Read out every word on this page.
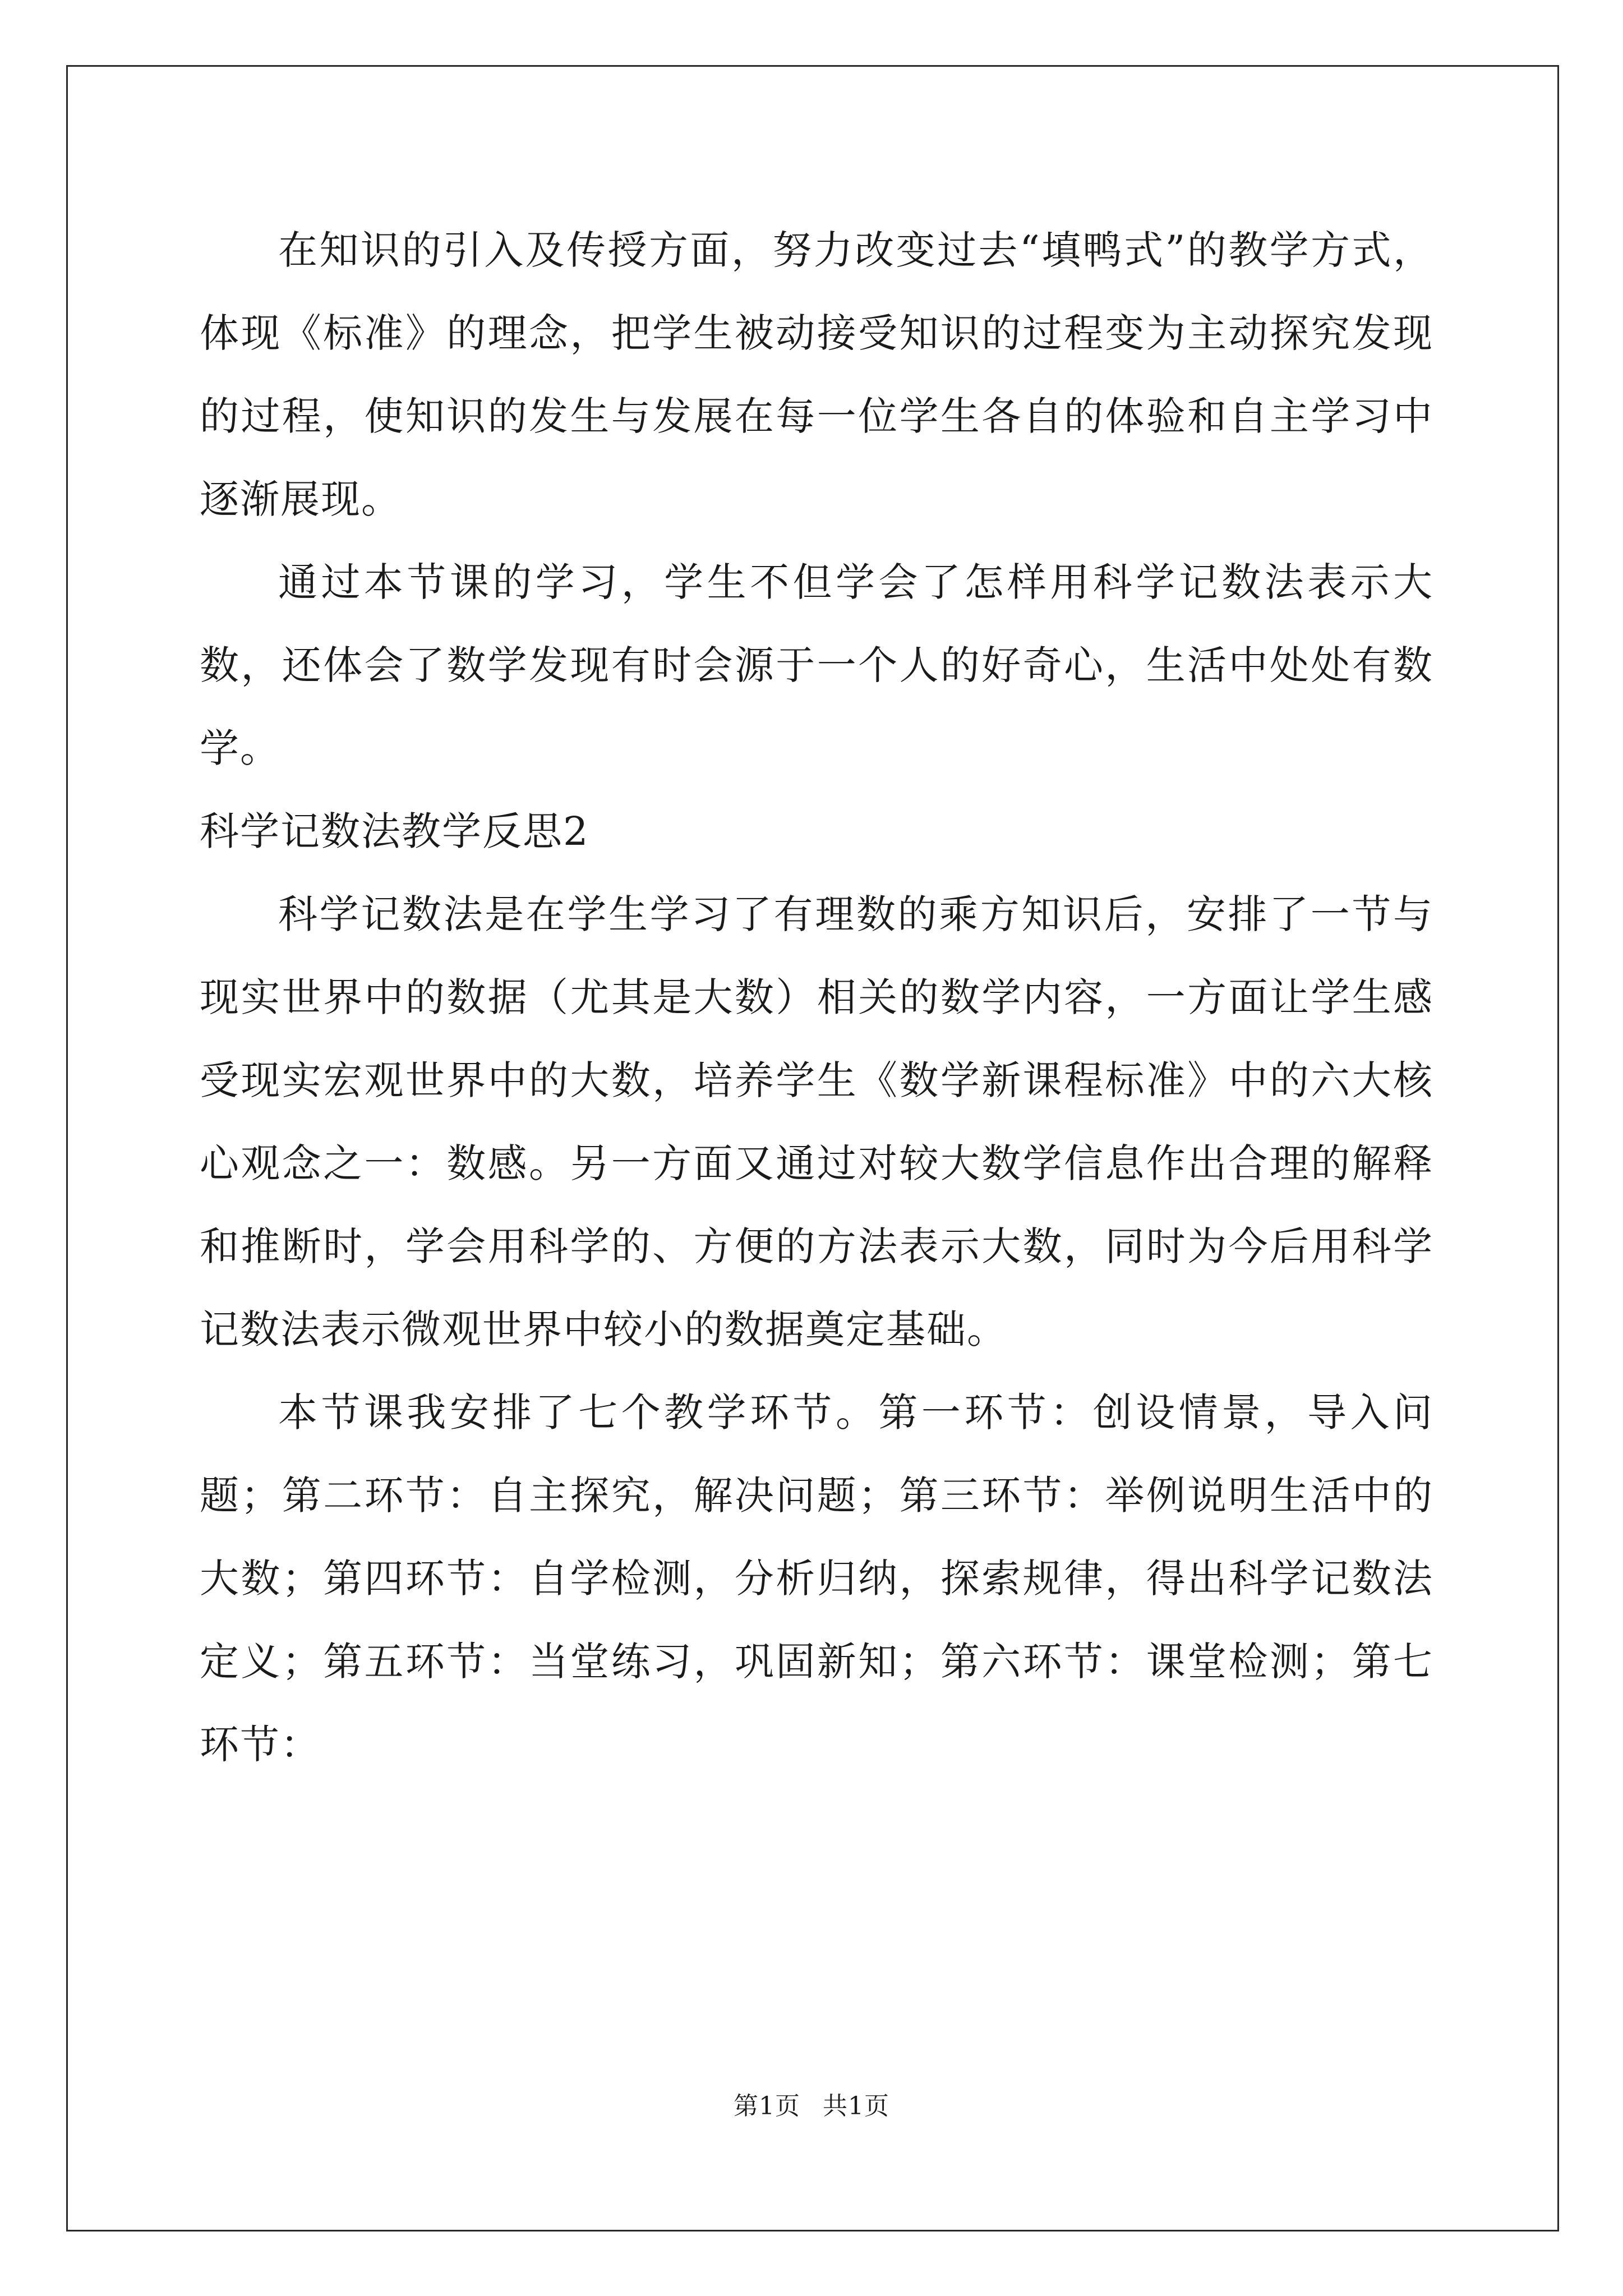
在知识的引入及传授方面，努力改变过去“填鸭式”的教学方式，体现《标准》的理念，把学生被动接受知识的过程变为主动探究发现的过程，使知识的发生与发展在每一位学生各自的体验和自主学习中逐渐展现。

通过本节课的学习，学生不但学会了怎样用科学记数法表示大数，还体会了数学发现有时会源于一个人的好奇心，生活中处处有数学。

科学记数法教学反思2

科学记数法是在学生学习了有理数的乘方知识后，安排了一节与现实世界中的数据（尤其是大数）相关的数学内容，一方面让学生感受现实宏观世界中的大数，培养学生《数学新课程标准》中的六大核心观念之一：数感。另一方面又通过对较大数学信息作出合理的解释和推断时，学会用科学的、方便的方法表示大数，同时为今后用科学记数法表示微观世界中较小的数据奠定基础。

本节课我安排了七个教学环节。第一环节：创设情景，导入问题；第二环节：自主探究，解决问题；第三环节：举例说明生活中的大数；第四环节：自学检测，分析归纳，探索规律，得出科学记数法定义；第五环节：当堂练习，巩固新知；第六环节：课堂检测；第七环节：

第1页 共1页
